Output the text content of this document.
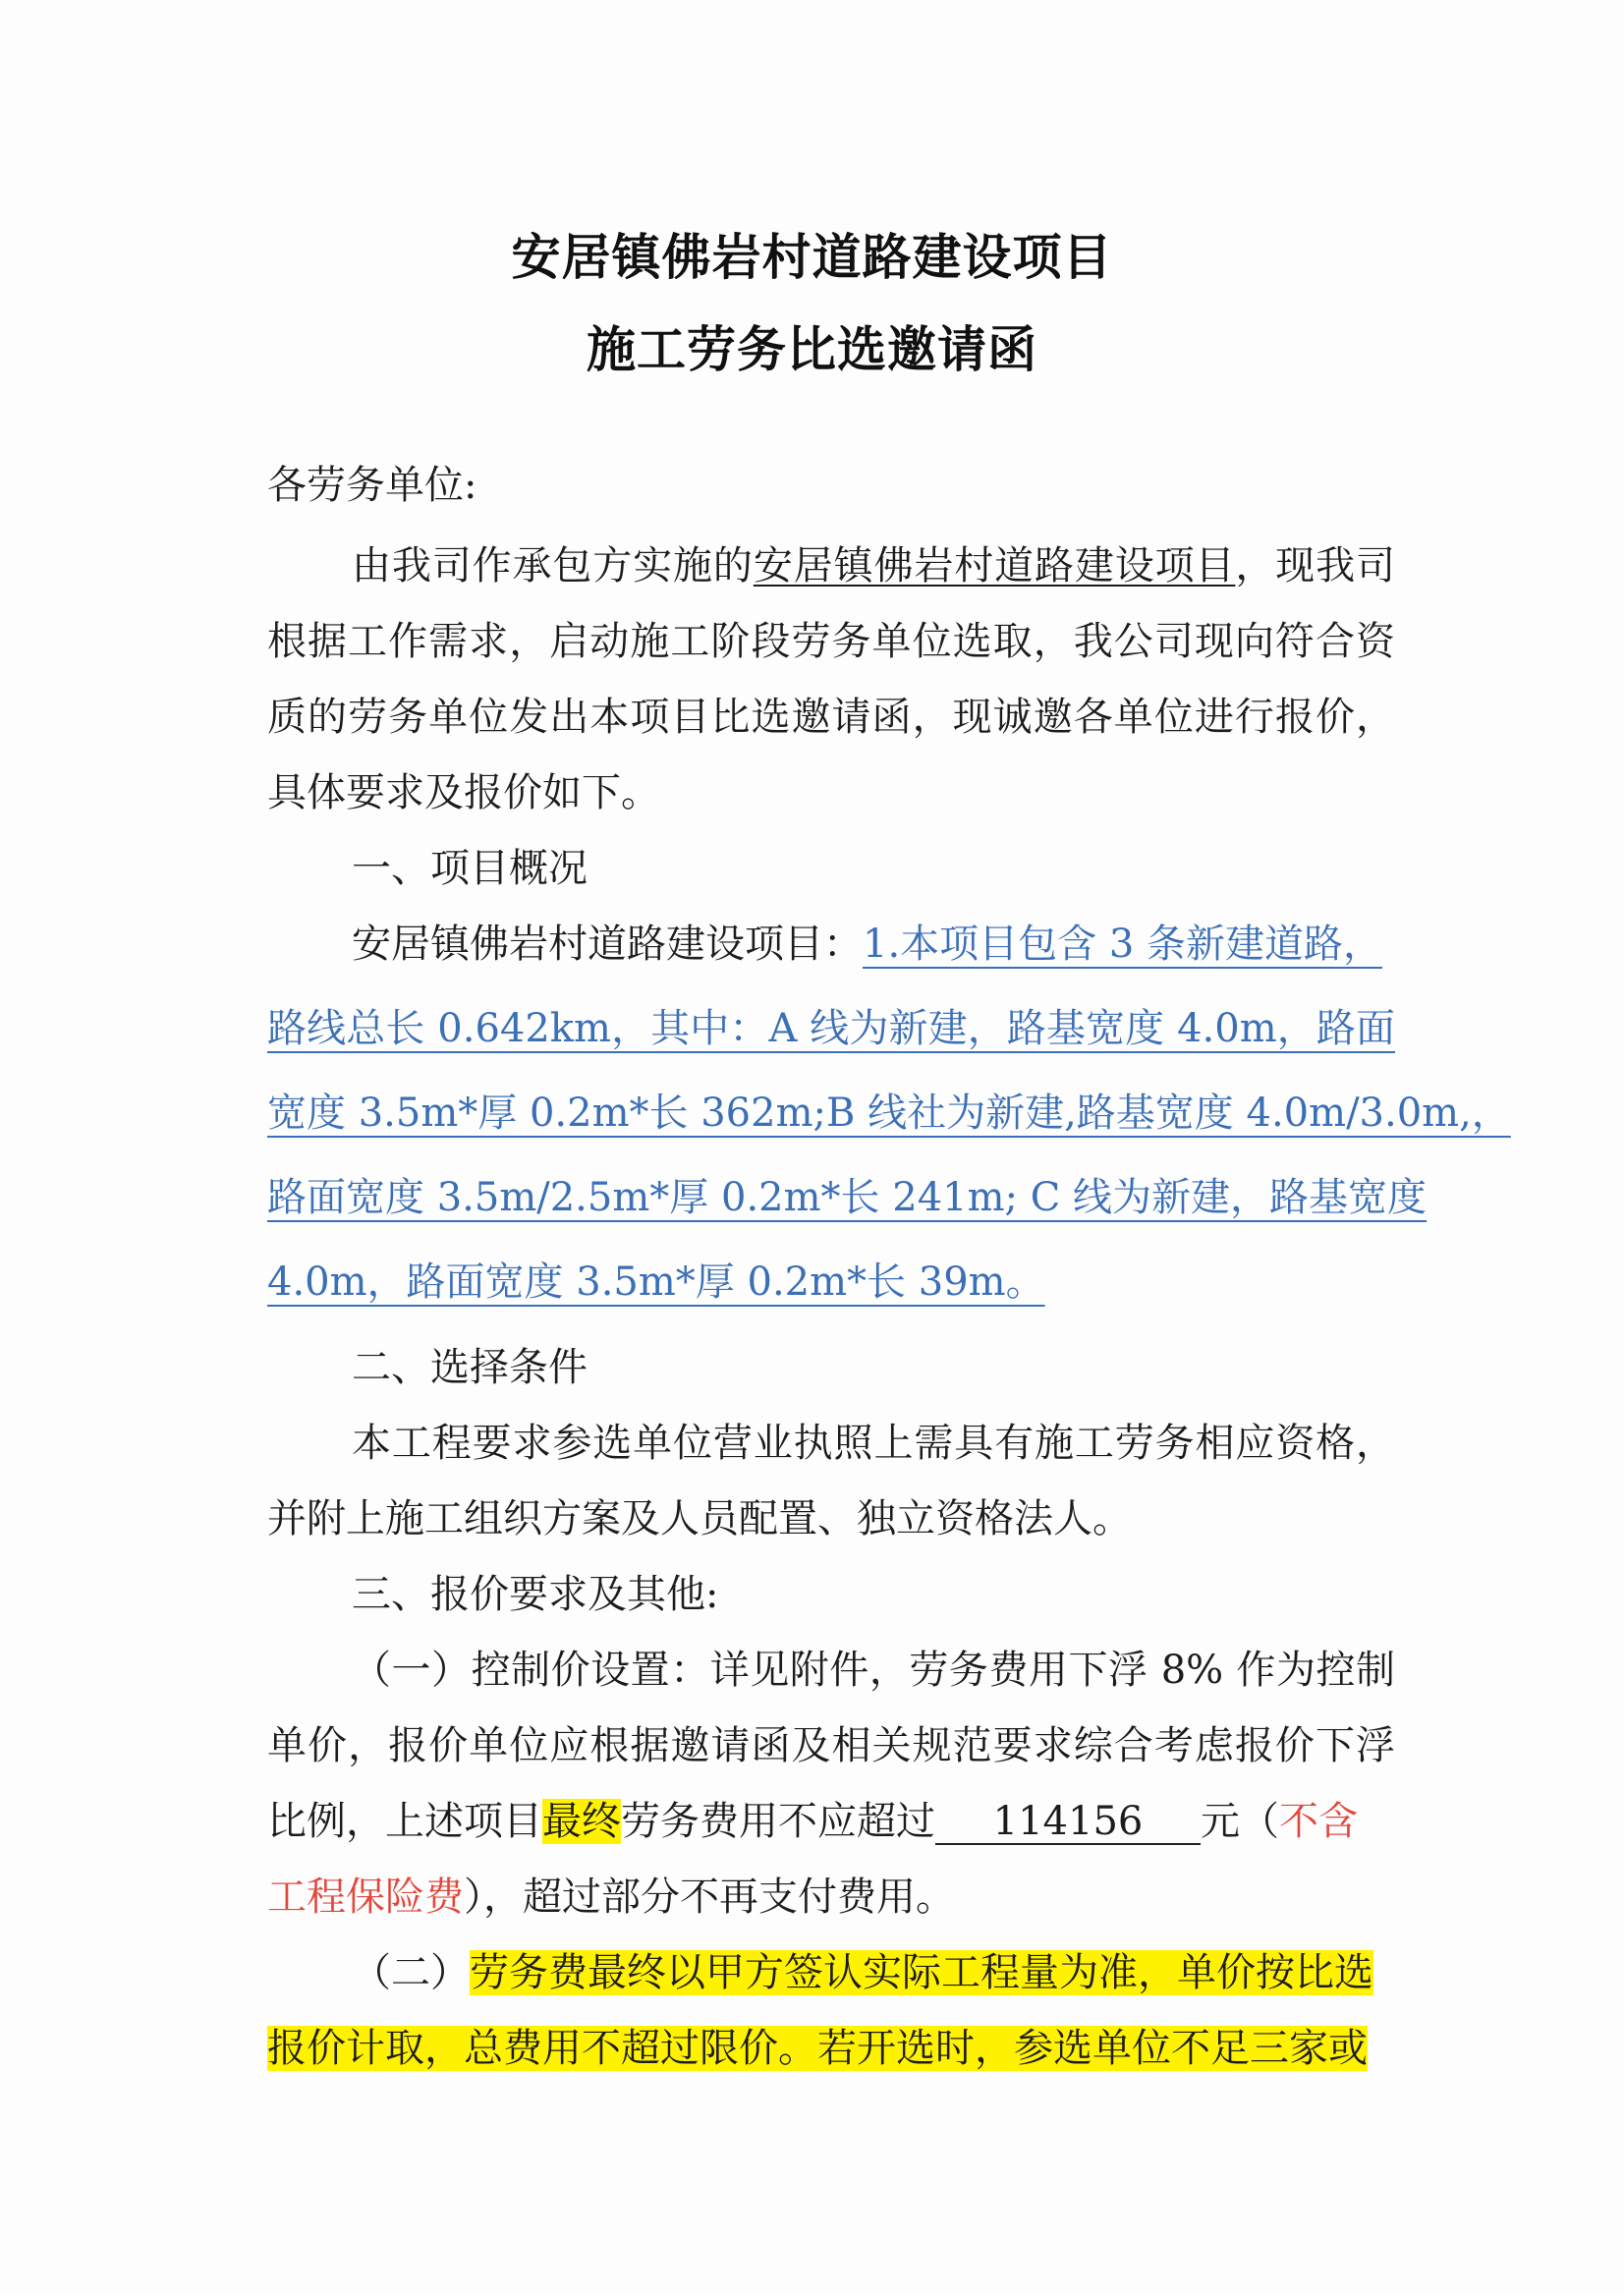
安居镇佛岩村道路建设项目
施工劳务比选邀请函
各劳务单位:
由我司作承包方实施的安居镇佛岩村道路建设项目，现我司
根据工作需求，启动施工阶段劳务单位选取，我公司现向符合资
质的劳务单位发出本项目比选邀请函，现诚邀各单位进行报价，
具体要求及报价如下。
一、项目概况
安居镇佛岩村道路建设项目：1.本项目包含 3 条新建道路，
路线总长 0.642km，其中：A 线为新建，路基宽度 4.0m，路面
宽度 3.5m*厚 0.2m*长 362m;B 线社为新建,路基宽度 4.0m/3.0m,，
路面宽度 3.5m/2.5m*厚 0.2m*长 241m; C 线为新建，路基宽度
4.0m，路面宽度 3.5m*厚 0.2m*长 39m。
二、选择条件
本工程要求参选单位营业执照上需具有施工劳务相应资格，
并附上施工组织方案及人员配置、独立资格法人。
三、报价要求及其他:
（一）控制价设置：详见附件，劳务费用下浮 8% 作为控制
单价，报价单位应根据邀请函及相关规范要求综合考虑报价下浮
比例，上述项目最终劳务费用不应超过 114156 元（不含
工程保险费），超过部分不再支付费用。
（二）劳务费最终以甲方签认实际工程量为准，单价按比选
报价计取，总费用不超过限价。若开选时，参选单位不足三家或
